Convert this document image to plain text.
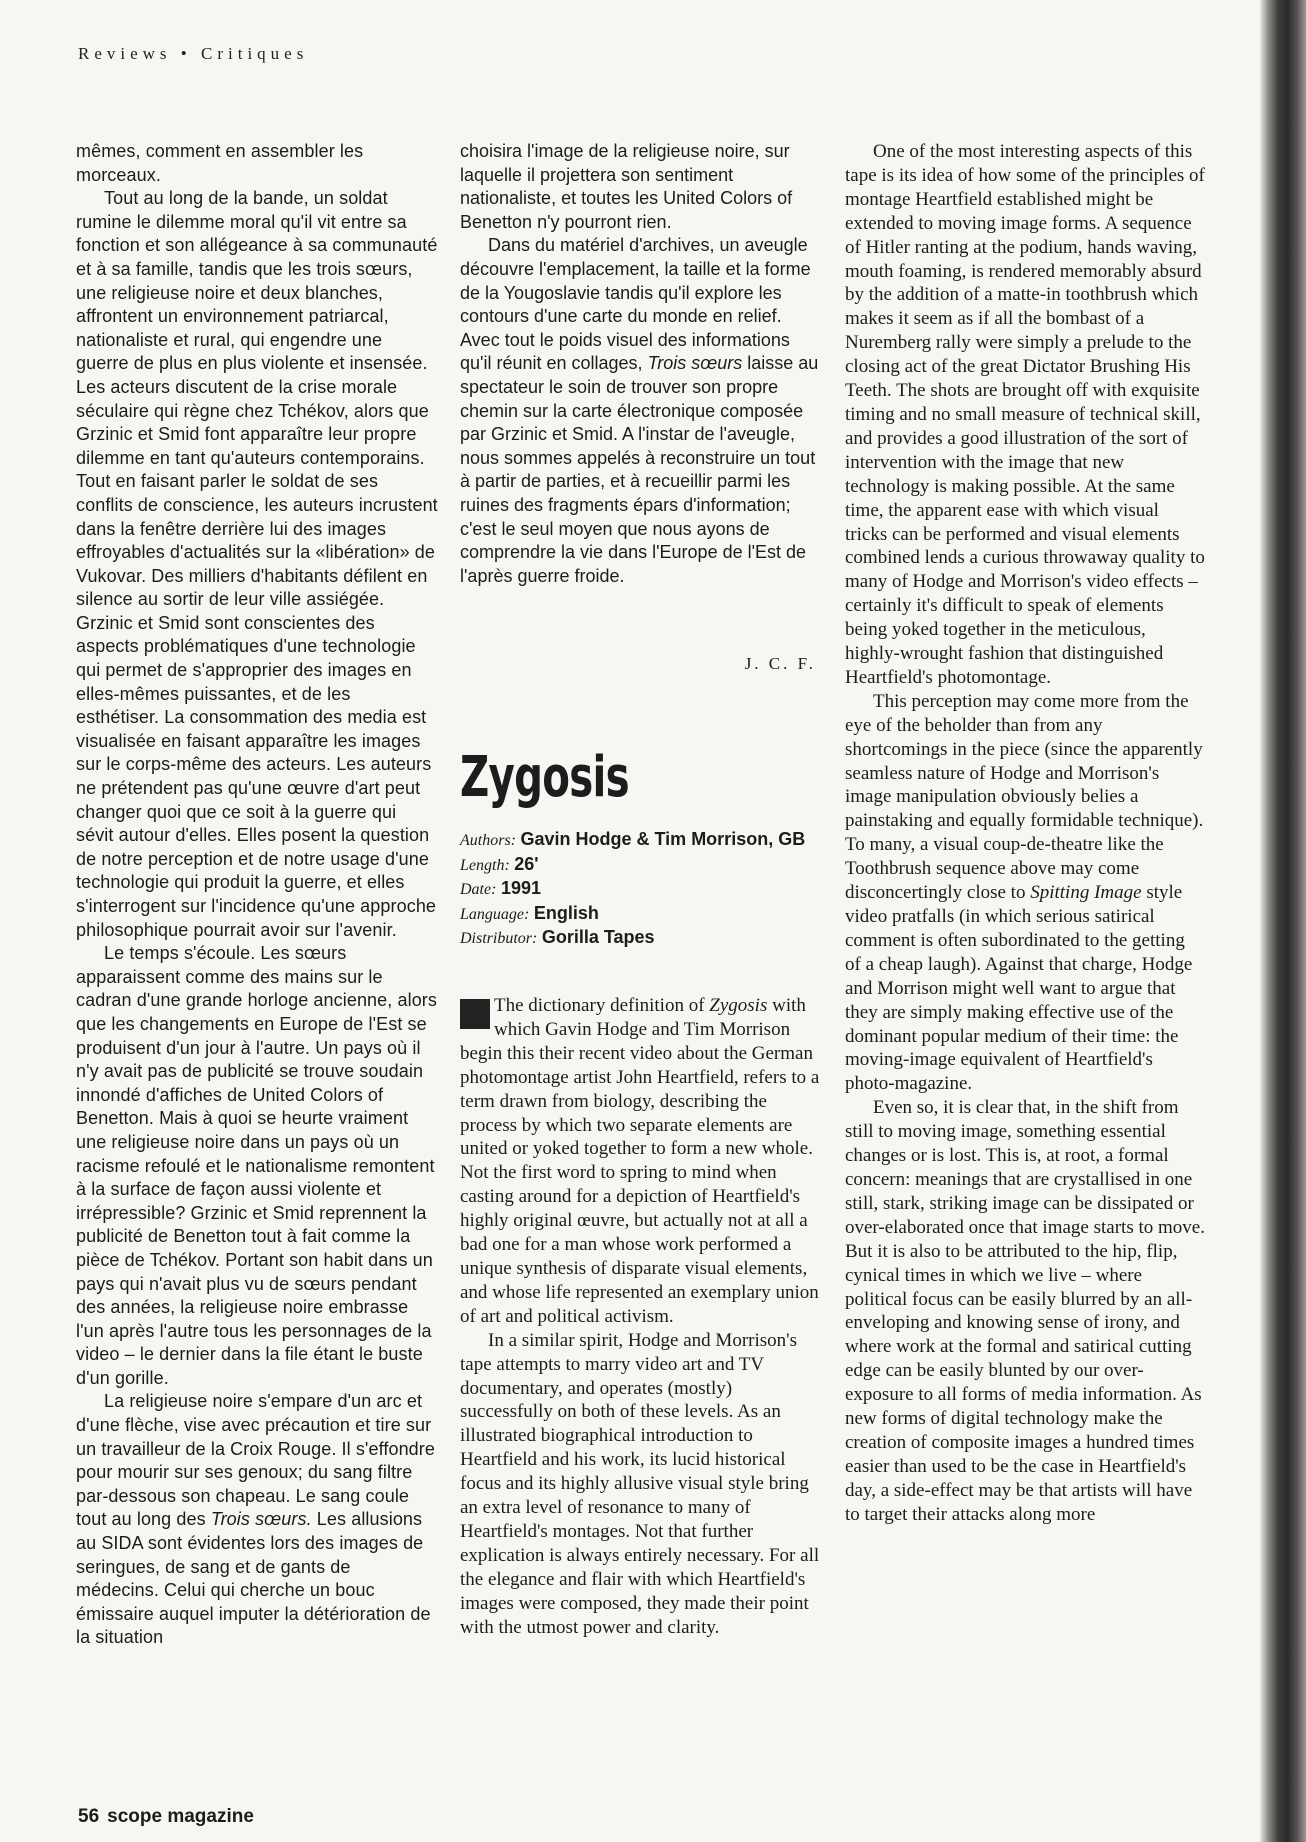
Reviews • Critiques

mêmes, comment en assembler les morceaux.

Tout au long de la bande, un soldat rumine le dilemme moral qu'il vit entre sa fonction et son allégeance à sa communauté et à sa famille, tandis que les trois sœurs, une religieuse noire et deux blanches, affrontent un environnement patriarcal, nationaliste et rural, qui engendre une guerre de plus en plus violente et insensée. Les acteurs discutent de la crise morale séculaire qui règne chez Tchékov, alors que Grzinic et Smid font apparaître leur propre dilemme en tant qu'auteurs contemporains. Tout en faisant parler le soldat de ses conflits de conscience, les auteurs incrustent dans la fenêtre derrière lui des images effroyables d'actualités sur la «libération» de Vukovar. Des milliers d'habitants défilent en silence au sortir de leur ville assiégée. Grzinic et Smid sont conscientes des aspects problématiques d'une technologie qui permet de s'approprier des images en elles-mêmes puissantes, et de les esthétiser. La consommation des media est visualisée en faisant apparaître les images sur le corps-même des acteurs. Les auteurs ne prétendent pas qu'une œuvre d'art peut changer quoi que ce soit à la guerre qui sévit autour d'elles. Elles posent la question de notre perception et de notre usage d'une technologie qui produit la guerre, et elles s'interrogent sur l'incidence qu'une approche philosophique pourrait avoir sur l'avenir.

Le temps s'écoule. Les sœurs apparaissent comme des mains sur le cadran d'une grande horloge ancienne, alors que les changements en Europe de l'Est se produisent d'un jour à l'autre. Un pays où il n'y avait pas de publicité se trouve soudain innondé d'affiches de United Colors of Benetton. Mais à quoi se heurte vraiment une religieuse noire dans un pays où un racisme refoulé et le nationalisme remontent à la surface de façon aussi violente et irrépressible? Grzinic et Smid reprennent la publicité de Benetton tout à fait comme la pièce de Tchékov. Portant son habit dans un pays qui n'avait plus vu de sœurs pendant des années, la religieuse noire embrasse l'un après l'autre tous les personnages de la video – le dernier dans la file étant le buste d'un gorille.

La religieuse noire s'empare d'un arc et d'une flèche, vise avec précaution et tire sur un travailleur de la Croix Rouge. Il s'effondre pour mourir sur ses genoux; du sang filtre par-dessous son chapeau. Le sang coule tout au long des Trois sœurs. Les allusions au SIDA sont évidentes lors des images de seringues, de sang et de gants de médecins. Celui qui cherche un bouc émissaire auquel imputer la détérioration de la situation

choisira l'image de la religieuse noire, sur laquelle il projettera son sentiment nationaliste, et toutes les United Colors of Benetton n'y pourront rien.

Dans du matériel d'archives, un aveugle découvre l'emplacement, la taille et la forme de la Yougoslavie tandis qu'il explore les contours d'une carte du monde en relief. Avec tout le poids visuel des informations qu'il réunit en collages, Trois sœurs laisse au spectateur le soin de trouver son propre chemin sur la carte électronique composée par Grzinic et Smid. A l'instar de l'aveugle, nous sommes appelés à reconstruire un tout à partir de parties, et à recueillir parmi les ruines des fragments épars d'information; c'est le seul moyen que nous ayons de comprendre la vie dans l'Europe de l'Est de l'après guerre froide.

J. C. F.
Zygosis
Authors: Gavin Hodge & Tim Morrison, GB
Length: 26'
Date: 1991
Language: English
Distributor: Gorilla Tapes

The dictionary definition of Zygosis with which Gavin Hodge and Tim Morrison begin this their recent video about the German photomontage artist John Heartfield, refers to a term drawn from biology, describing the process by which two separate elements are united or yoked together to form a new whole. Not the first word to spring to mind when casting around for a depiction of Heartfield's highly original œuvre, but actually not at all a bad one for a man whose work performed a unique synthesis of disparate visual elements, and whose life represented an exemplary union of art and political activism.

In a similar spirit, Hodge and Morrison's tape attempts to marry video art and TV documentary, and operates (mostly) successfully on both of these levels. As an illustrated biographical introduction to Heartfield and his work, its lucid historical focus and its highly allusive visual style bring an extra level of resonance to many of Heartfield's montages. Not that further explication is always entirely necessary. For all the elegance and flair with which Heartfield's images were composed, they made their point with the utmost power and clarity.

One of the most interesting aspects of this tape is its idea of how some of the principles of montage Heartfield established might be extended to moving image forms. A sequence of Hitler ranting at the podium, hands waving, mouth foaming, is rendered memorably absurd by the addition of a matte-in toothbrush which makes it seem as if all the bombast of a Nuremberg rally were simply a prelude to the closing act of the great Dictator Brushing His Teeth. The shots are brought off with exquisite timing and no small measure of technical skill, and provides a good illustration of the sort of intervention with the image that new technology is making possible. At the same time, the apparent ease with which visual tricks can be performed and visual elements combined lends a curious throwaway quality to many of Hodge and Morrison's video effects – certainly it's difficult to speak of elements being yoked together in the meticulous, highly-wrought fashion that distinguished Heartfield's photomontage.

This perception may come more from the eye of the beholder than from any shortcomings in the piece (since the apparently seamless nature of Hodge and Morrison's image manipulation obviously belies a painstaking and equally formidable technique). To many, a visual coup-de-theatre like the Toothbrush sequence above may come disconcertingly close to Spitting Image style video pratfalls (in which serious satirical comment is often subordinated to the getting of a cheap laugh). Against that charge, Hodge and Morrison might well want to argue that they are simply making effective use of the dominant popular medium of their time: the moving-image equivalent of Heartfield's photo-magazine.

Even so, it is clear that, in the shift from still to moving image, something essential changes or is lost. This is, at root, a formal concern: meanings that are crystallised in one still, stark, striking image can be dissipated or over-elaborated once that image starts to move. But it is also to be attributed to the hip, flip, cynical times in which we live – where political focus can be easily blurred by an all-enveloping and knowing sense of irony, and where work at the formal and satirical cutting edge can be easily blunted by our over-exposure to all forms of media information. As new forms of digital technology make the creation of composite images a hundred times easier than used to be the case in Heartfield's day, a side-effect may be that artists will have to target their attacks along more

56 scope magazine
